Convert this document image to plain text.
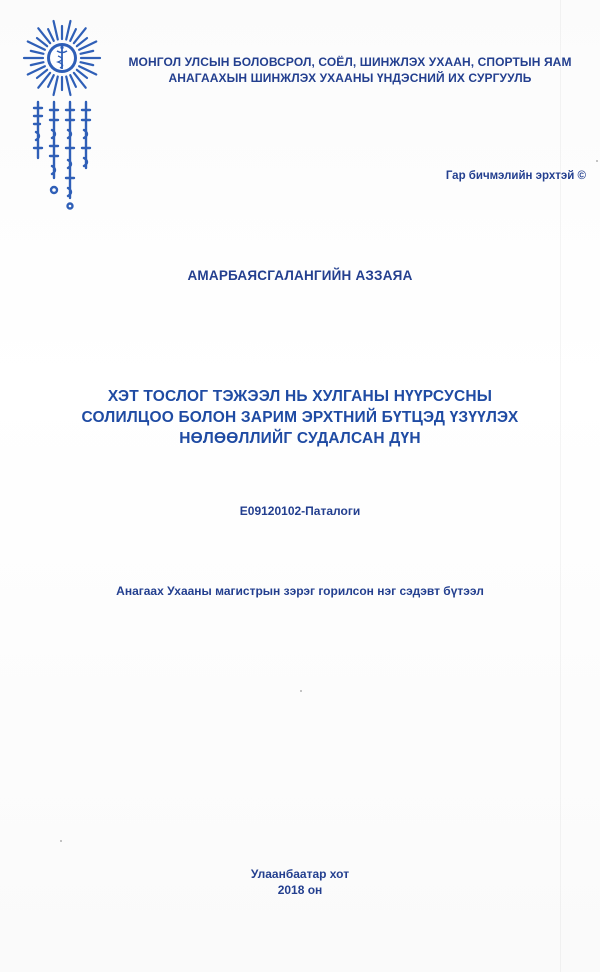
МОНГОЛ УЛСЫН БОЛОВСРОЛ, СОЁЛ, ШИНЖЛЭХ УХААН, СПОРТЫН ЯАМ
АНАГААХЫН ШИНЖЛЭХ УХААНЫ ҮНДЭСНИЙ ИХ СУРГУУЛЬ
Гар бичмэлийн эрхтэй ©
АМАРБАЯСГАЛАНГИЙН АЗЗАЯА
ХЭТ ТОСЛОГ ТЭЖЭЭЛ НЬ ХУЛГАНЫ НҮҮРСУСНЫ
СОЛИЛЦОО БОЛОН ЗАРИМ ЭРХТНИЙ БҮТЦЭД ҮЗҮҮЛЭХ
НӨЛӨӨЛЛИЙГ СУДАЛСАН ДҮН
E09120102-Паталоги
Анагаах Ухааны магистрын зэрэг горилсон нэг сэдэвт бүтээл
Улаанбаатар хот
2018 он
